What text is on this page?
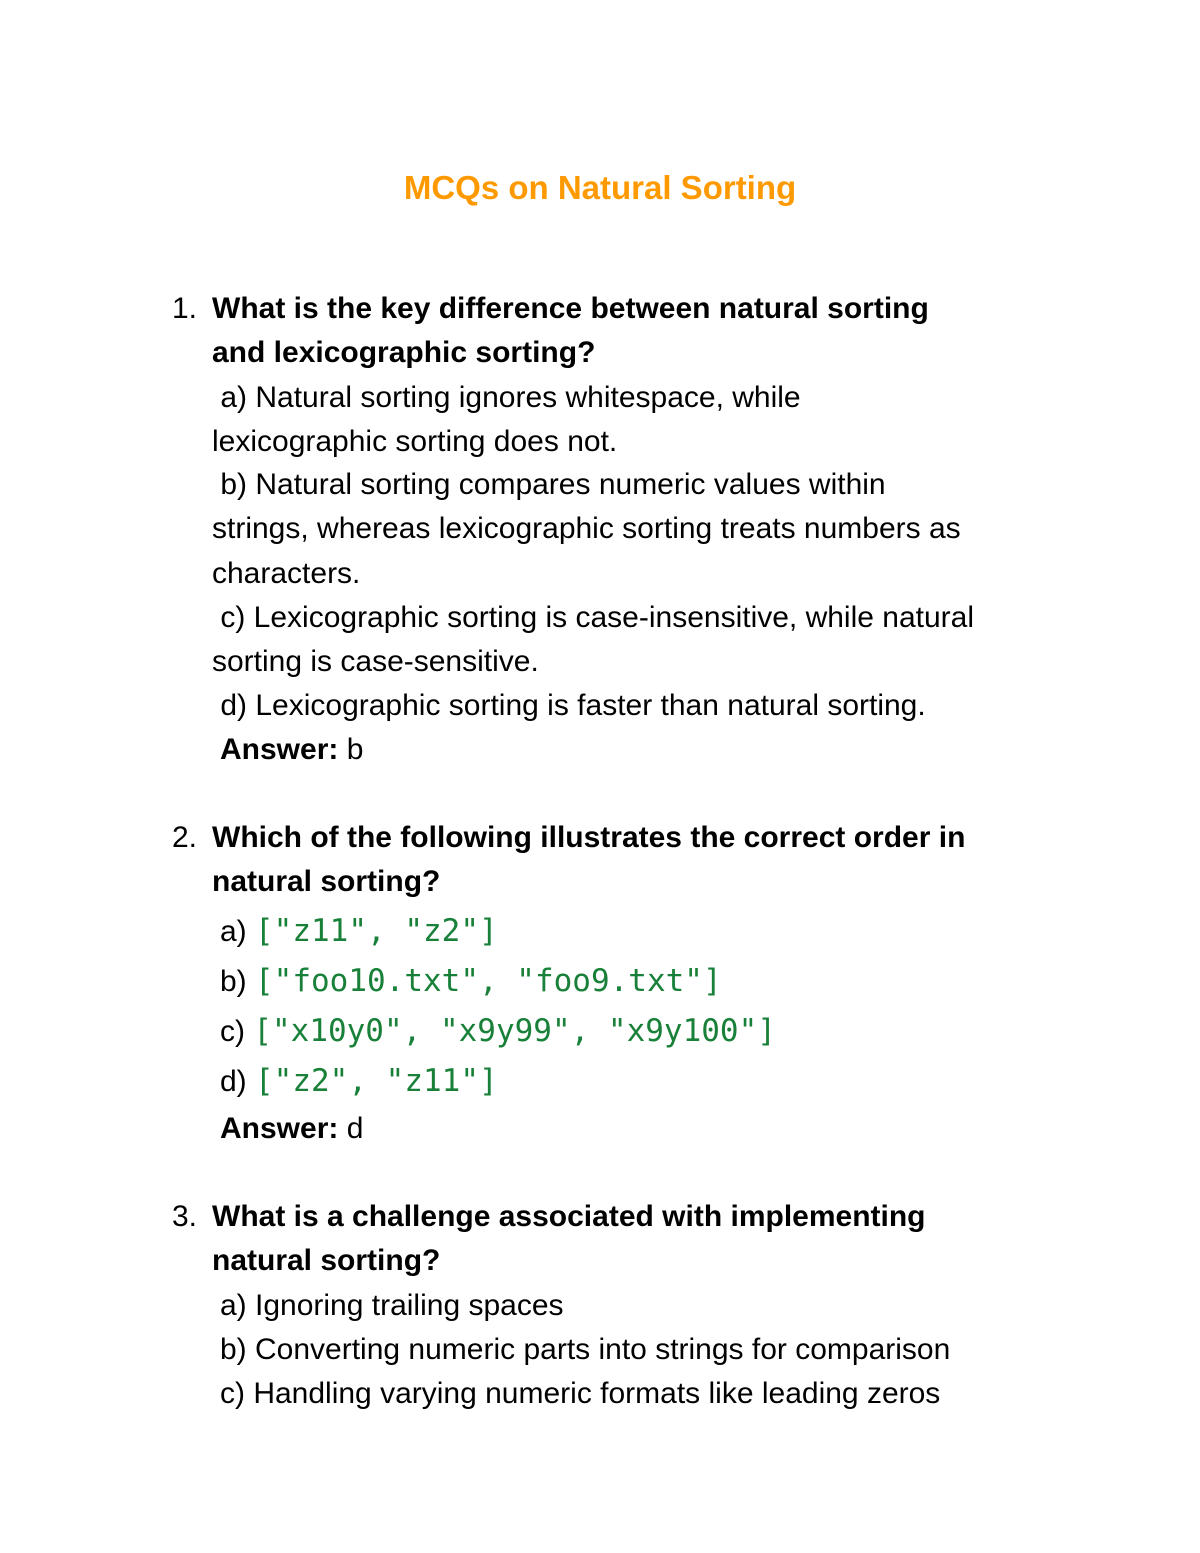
MCQs on Natural Sorting
1. What is the key difference between natural sorting
and lexicographic sorting?
a) Natural sorting ignores whitespace, while
lexicographic sorting does not.
b) Natural sorting compares numeric values within
strings, whereas lexicographic sorting treats numbers as
characters.
c) Lexicographic sorting is case-insensitive, while natural
sorting is case-sensitive.
d) Lexicographic sorting is faster than natural sorting.
Answer: b
2. Which of the following illustrates the correct order in
natural sorting?
a) ["z11", "z2"]
b) ["foo10.txt", "foo9.txt"]
c) ["x10y0", "x9y99", "x9y100"]
d) ["z2", "z11"]
Answer: d
3. What is a challenge associated with implementing
natural sorting?
a) Ignoring trailing spaces
b) Converting numeric parts into strings for comparison
c) Handling varying numeric formats like leading zeros
